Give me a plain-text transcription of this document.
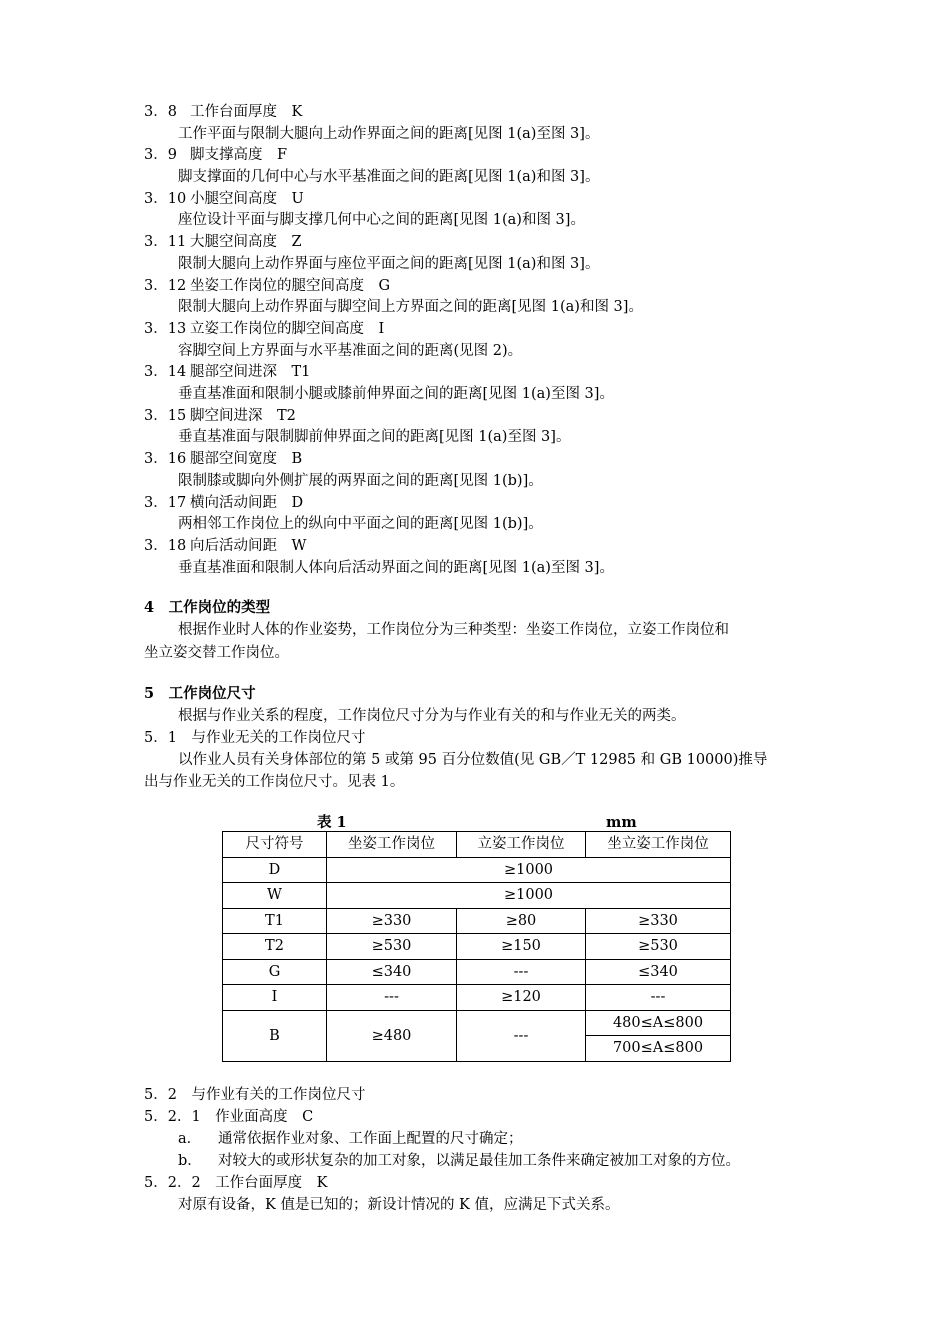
3．8 工作台面厚度　K
工作平面与限制大腿向上动作界面之间的距离[见图 1(a)至图 3]。
3．9 脚支撑高度　F
脚支撑面的几何中心与水平基准面之间的距离[见图 1(a)和图 3]。
3．10 小腿空间高度　U
座位设计平面与脚支撑几何中心之间的距离[见图 1(a)和图 3]。
3．11 大腿空间高度　Z
限制大腿向上动作界面与座位平面之间的距离[见图 1(a)和图 3]。
3．12 坐姿工作岗位的腿空间高度　G
限制大腿向上动作界面与脚空间上方界面之间的距离[见图 1(a)和图 3]。
3．13 立姿工作岗位的脚空间高度　I
容脚空间上方界面与水平基准面之间的距离(见图 2)。
3．14 腿部空间进深　T1
垂直基准面和限制小腿或膝前伸界面之间的距离[见图 1(a)至图 3]。
3．15 脚空间进深　T2
垂直基准面与限制脚前伸界面之间的距离[见图 1(a)至图 3]。
3．16 腿部空间宽度　B
限制膝或脚向外侧扩展的两界面之间的距离[见图 1(b)]。
3．17 横向活动间距　D
两相邻工作岗位上的纵向中平面之间的距离[见图 1(b)]。
3．18 向后活动间距　W
垂直基准面和限制人体向后活动界面之间的距离[见图 1(a)至图 3]。
4　工作岗位的类型
根据作业时人体的作业姿势，工作岗位分为三种类型：坐姿工作岗位，立姿工作岗位和
坐立姿交替工作岗位。
5　工作岗位尺寸
根据与作业关系的程度，工作岗位尺寸分为与作业有关的和与作业无关的两类。
5．1　与作业无关的工作岗位尺寸
以作业人员有关身体部位的第 5 或第 95 百分位数值(见 GB／T 12985 和 GB 10000)推导
出与作业无关的工作岗位尺寸。见表 1。
表 1	mm
尺寸符号	坐姿工作岗位	立姿工作岗位	坐立姿工作岗位
D	≥1000		
W	≥1000		
T1	≥330	≥80	≥330
T2	≥530	≥150	≥530
G	≤340	---	≤340
I	---	≥120	---
B	≥480	---	480≤A≤800
			700≤A≤800
5．2　与作业有关的工作岗位尺寸
5．2．1　作业面高度　C
a． 通常依据作业对象、工作面上配置的尺寸确定；
b． 对较大的或形状复杂的加工对象，以满足最佳加工条件来确定被加工对象的方位。
5．2．2　工作台面厚度　K
对原有设备，K 值是已知的；新设计情况的 K 值，应满足下式关系。
